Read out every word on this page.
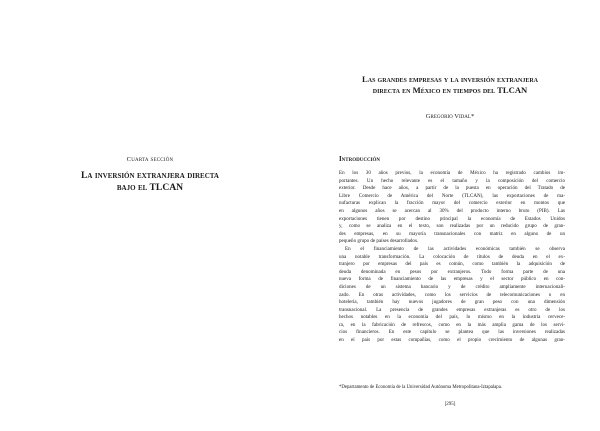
Cuarta sección

La inversión extranjera directa
bajo el TLCAN
Las grandes empresas y la inversión extranjera
directa en México en tiempos del TLCAN

Gregorio Vidal*

Introducción
En los 30 años previos, la economía de México ha registrado cambios im-
portantes. Un hecho relevante es el tamaño y la composición del comercio
exterior. Desde hace años, a partir de la puesta en operación del Tratado de
Libre Comercio de América del Norte (TLCAN), las exportaciones de ma-
nufacturas explican la fracción mayor del comercio exterior en montos que
en algunos años se acercan al 30% del producto interno bruto (PIB). Las
exportaciones tienen por destino principal la economía de Estados Unidos
y, como se analiza en el texto, son realizadas por un reducido grupo de gran-
des empresas, en su mayoría transnacionales con matriz en alguno de un
pequeño grupo de países desarrollados.
En el financiamiento de las actividades económicas también se observa
una notable transformación. La colocación de títulos de deuda en el ex-
tranjero por empresas del país es común, como también la adquisición de
deuda denominada en pesos por extranjeros. Todo forma parte de una
nueva forma de financiamiento de las empresas y el sector público en con-
diciones de un sistema bancario y de crédito ampliamente internacionali-
zado. En otras actividades, como los servicios de telecomunicaciones o en
hotelería, también hay nuevos jugadores de gran peso con una dimensión
transnacional. La presencia de grandes empresas extranjeras es otro de los
hechos notables en la economía del país, lo mismo en la industria cervece-
ra, en la fabricación de refrescos, como en la más amplia gama de los servi-
cios financieros. En este capítulo se plantea que las inversiones realizadas
en el país por estas compañías, como el propio crecimiento de algunas gran-

*Departamento de Economía de la Universidad Autónoma Metropolitana-Iztapalapa.

[295]
